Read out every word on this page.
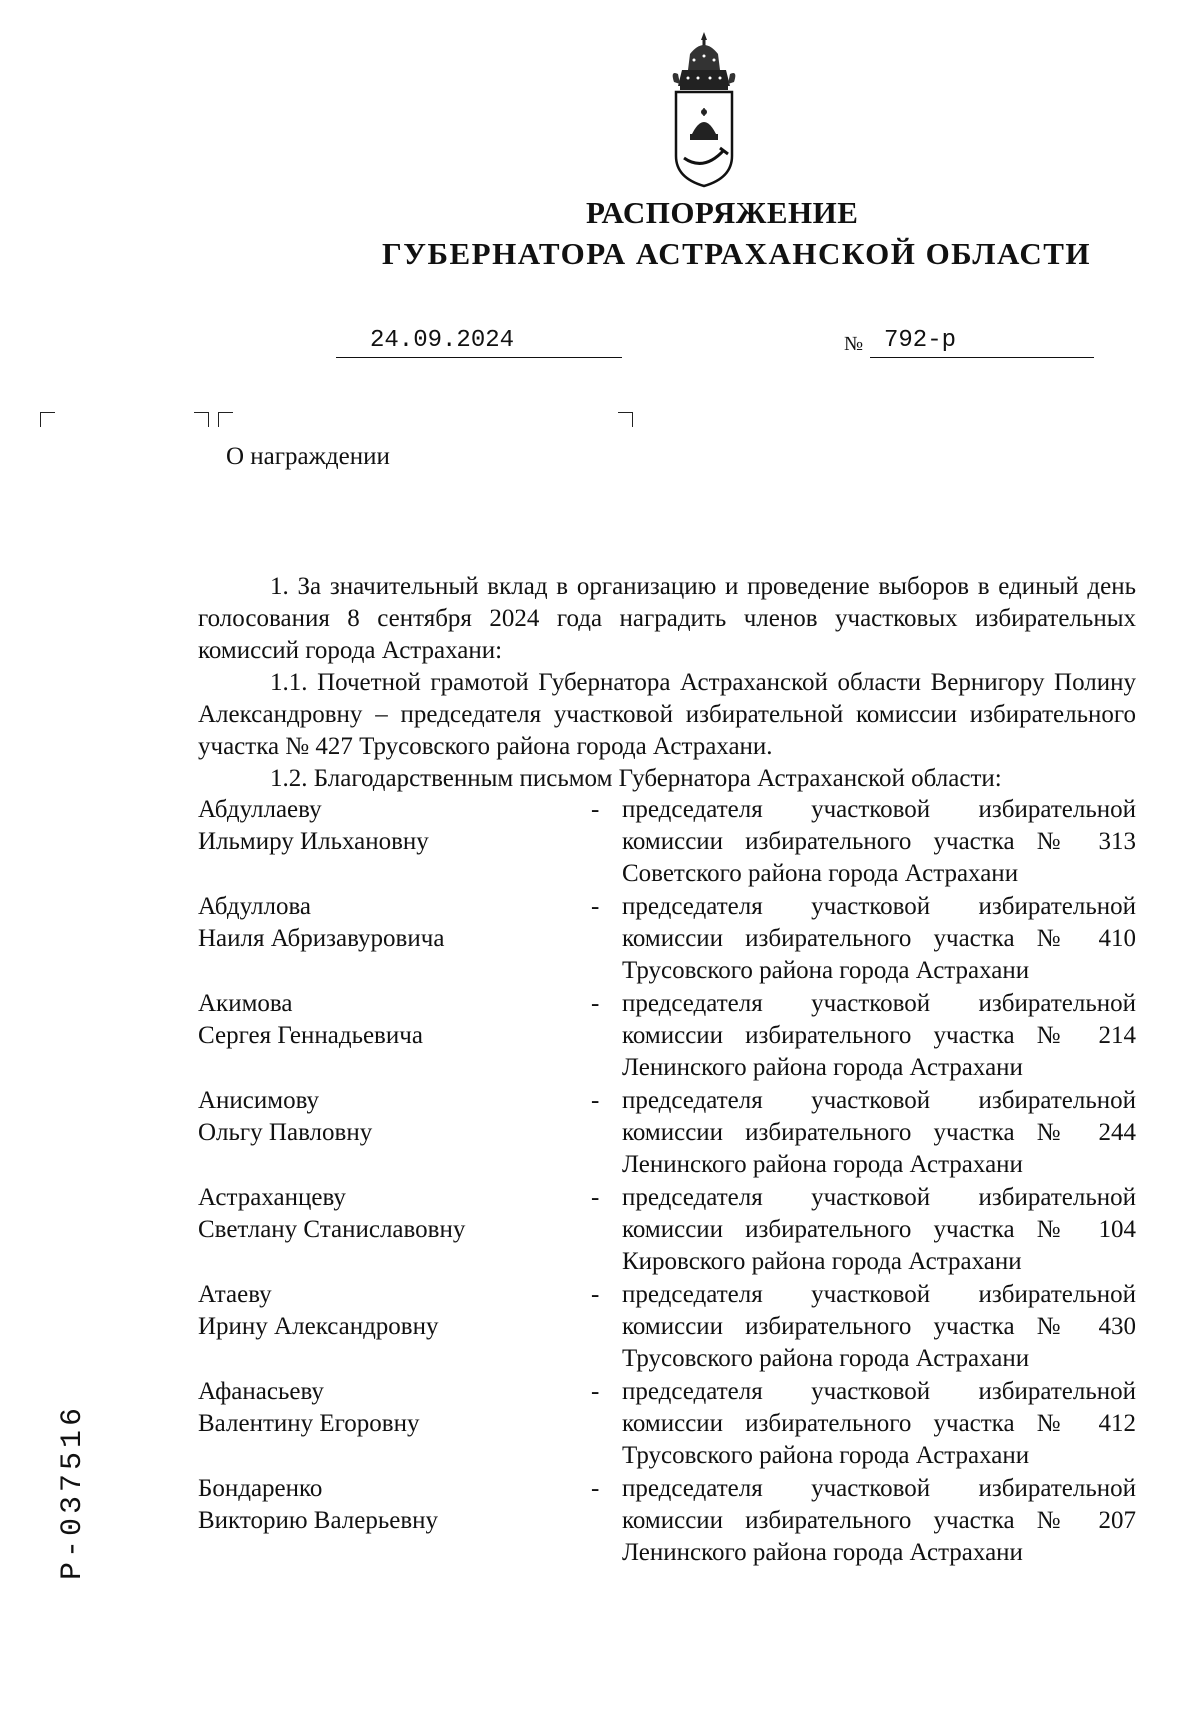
РАСПОРЯЖЕНИЕ
ГУБЕРНАТОРА АСТРАХАНСКОЙ ОБЛАСТИ
24.09.2024	№ 792-р
О награждении

1. За значительный вклад в организацию и проведение выборов в единый день голосования 8 сентября 2024 года наградить членов участковых избирательных комиссий города Астрахани:

1.1. Почетной грамотой Губернатора Астраханской области Вернигору Полину Александровну – председателя участковой избирательной комиссии избирательного участка № 427 Трусовского района города Астрахани.

1.2. Благодарственным письмом Губернатора Астраханской области:

Абдуллаеву
Ильмиру Ильхановну
- председателя участковой избирательной комиссии избирательного участка № 313 Советского района города Астрахани
Абдуллова
Наиля Абризавуровича
- председателя участковой избирательной комиссии избирательного участка № 410 Трусовского района города Астрахани
Акимова
Сергея Геннадьевича
- председателя участковой избирательной комиссии избирательного участка № 214 Ленинского района города Астрахани
Анисимову
Ольгу Павловну
- председателя участковой избирательной комиссии избирательного участка № 244 Ленинского района города Астрахани
Астраханцеву
Светлану Станиславовну
- председателя участковой избирательной комиссии избирательного участка № 104 Кировского района города Астрахани
Атаеву
Ирину Александровну
- председателя участковой избирательной комиссии избирательного участка № 430 Трусовского района города Астрахани
Афанасьеву
Валентину Егоровну
- председателя участковой избирательной комиссии избирательного участка № 412 Трусовского района города Астрахани
Бондаренко
Викторию Валерьевну
- председателя участковой избирательной комиссии избирательного участка № 207 Ленинского района города Астрахани
Р-037516
